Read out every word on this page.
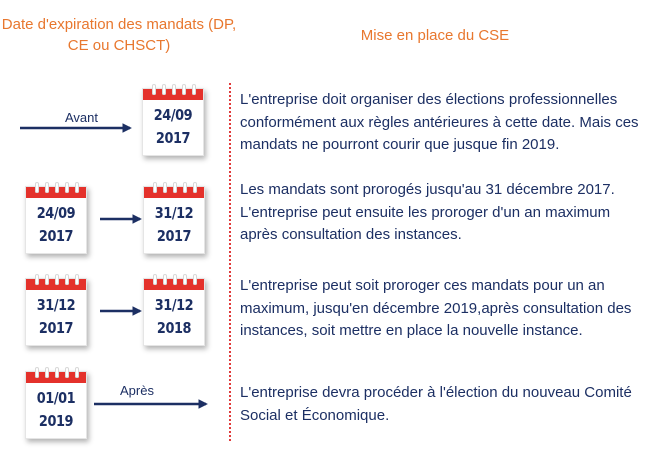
Date d'expiration des mandats (DP, CE ou CHSCT)
Mise en place du CSE
Avant	24/09
2017
L'entreprise doit organiser des élections professionnelles conformément aux règles antérieures à cette date. Mais ces mandats ne pourront courir que jusque fin 2019.
24/09
2017
31/12
2017
Les mandats sont prorogés jusqu'au 31 décembre 2017. L'entreprise peut ensuite les proroger d'un an maximum après consultation des instances.
31/12
2017
31/12
2018
L'entreprise peut soit proroger ces mandats pour un an maximum, jusqu'en décembre 2019,après consultation des instances, soit mettre en place la nouvelle instance.
Après
01/01
2019
L'entreprise devra procéder à l'élection du nouveau Comité Social et Économique.
